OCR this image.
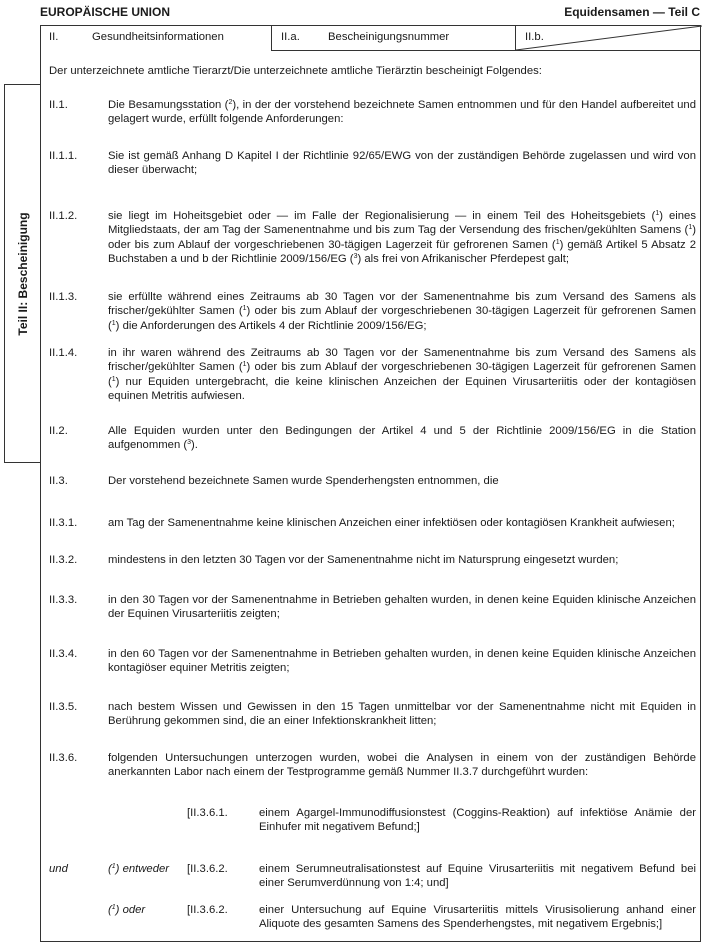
EUROPÄISCHE UNION	Equidensamen — Teil C
II.	Gesundheitsinformationen	II.a. Bescheinigungsnummer	II.b.
Der unterzeichnete amtliche Tierarzt/Die unterzeichnete amtliche Tierärztin bescheinigt Folgendes:
Teil II: Bescheinigung
II.1.	Die Besamungsstation ($^2$), in der der vorstehend bezeichnete Samen entnommen und für den Handel aufbereitet und gelagert wurde, erfüllt folgende Anforderungen:
II.1.1.	Sie ist gemäß Anhang D Kapitel I der Richtlinie 92/65/EWG von der zuständigen Behörde zugelassen und wird von dieser überwacht;
II.1.2.	sie liegt im Hoheitsgebiet oder — im Falle der Regionalisierung — in einem Teil des Hoheitsgebiets ($^1$) eines Mitgliedstaats, der am Tag der Samenentnahme und bis zum Tag der Versendung des frischen/gekühlten Samens ($^1$) oder bis zum Ablauf der vorgeschriebenen 30-tägigen Lagerzeit für gefrorenen Samen ($^1$) gemäß Artikel 5 Absatz 2 Buchstaben a und b der Richtlinie 2009/156/EG ($^3$) als frei von Afrikanischer Pferdepest galt;
II.1.3.	sie erfüllte während eines Zeitraums ab 30 Tagen vor der Samenentnahme bis zum Versand des Samens als frischer/gekühlter Samen ($^1$) oder bis zum Ablauf der vorgeschriebenen 30-tägigen Lagerzeit für gefrorenen Samen ($^1$) die Anforderungen des Artikels 4 der Richtlinie 2009/156/EG;
II.1.4.	in ihr waren während des Zeitraums ab 30 Tagen vor der Samenentnahme bis zum Versand des Samens als frischer/gekühlter Samen ($^1$) oder bis zum Ablauf der vorgeschriebenen 30-tägigen Lagerzeit für gefrorenen Samen ($^1$) nur Equiden untergebracht, die keine klinischen Anzeichen der Equinen Virusarteriitis oder der kontagiösen equinen Metritis aufwiesen.
II.2.	Alle Equiden wurden unter den Bedingungen der Artikel 4 und 5 der Richtlinie 2009/156/EG in die Station aufgenommen ($^3$).
II.3.	Der vorstehend bezeichnete Samen wurde Spenderhengsten entnommen, die
II.3.1.	am Tag der Samenentnahme keine klinischen Anzeichen einer infektiösen oder kontagiösen Krankheit aufwiesen;
II.3.2.	mindestens in den letzten 30 Tagen vor der Samenentnahme nicht im Natursprung eingesetzt wurden;
II.3.3.	in den 30 Tagen vor der Samenentnahme in Betrieben gehalten wurden, in denen keine Equiden klinische Anzeichen der Equinen Virusarteriitis zeigten;
II.3.4.	in den 60 Tagen vor der Samenentnahme in Betrieben gehalten wurden, in denen keine Equiden klinische Anzeichen kontagiöser equiner Metritis zeigten;
II.3.5.	nach bestem Wissen und Gewissen in den 15 Tagen unmittelbar vor der Samenentnahme nicht mit Equiden in Berührung gekommen sind, die an einer Infektionskrankheit litten;
II.3.6.	folgenden Untersuchungen unterzogen wurden, wobei die Analysen in einem von der zuständigen Behörde anerkannten Labor nach einem der Testprogramme gemäß Nummer II.3.7 durchgeführt wurden:
[II.3.6.1.	einem Agargel-Immunodiffusionstest (Coggins-Reaktion) auf infektiöse Anämie der Einhufer mit negativem Befund;]
und	($^1$) entweder [II.3.6.2.	einem Serumneutralisationstest auf Equine Virusarteriitis mit negativem Befund bei einer Serumverdünnung von 1:4; und]
($^1$) oder	[II.3.6.2.	einer Untersuchung auf Equine Virusarteriitis mittels Virusisolierung anhand einer Aliquote des gesamten Samens des Spenderhengstes, mit negativem Ergebnis;]
